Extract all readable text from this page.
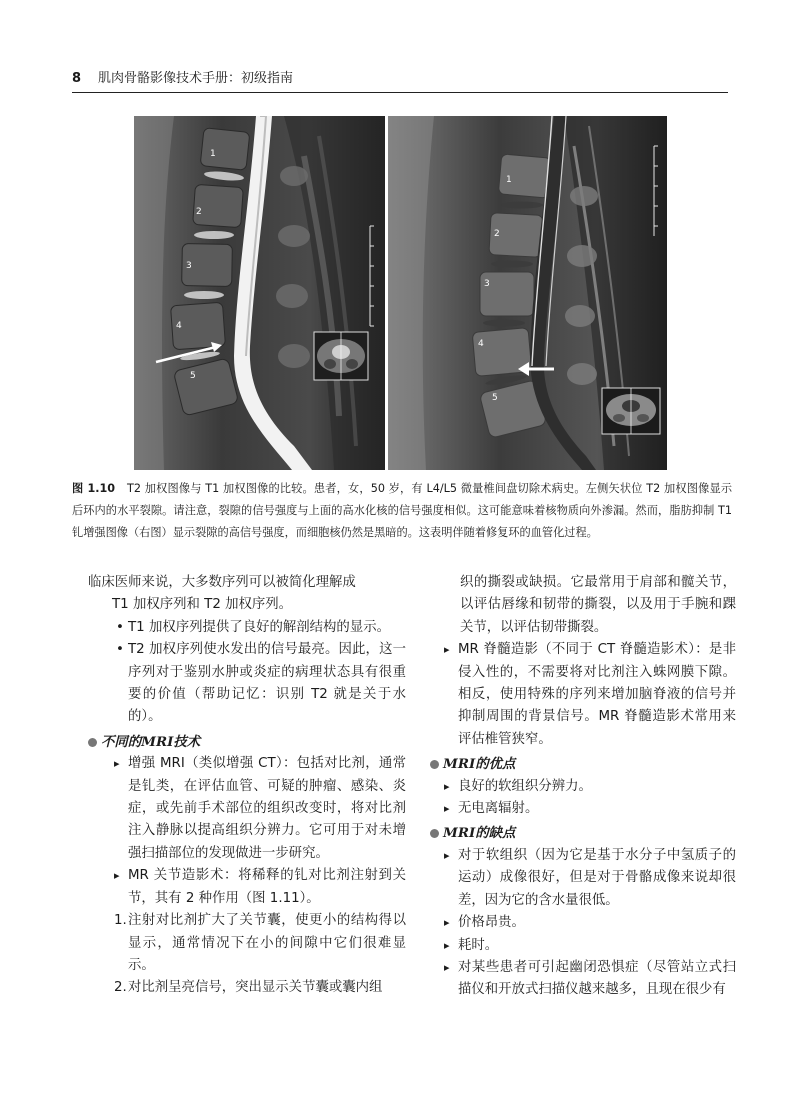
8 肌肉骨骼影像技术手册：初级指南
1
2
3
4
5
1
2
3
4
5
图 1.10 T2 加权图像与 T1 加权图像的比较。患者，女，50 岁，有 L4/L5 微量椎间盘切除术病史。左侧矢状位 T2 加权图像显示后环内的水平裂隙。请注意，裂隙的信号强度与上面的高水化核的信号强度相似。这可能意味着核物质向外渗漏。然而，脂肪抑制 T1 钆增强图像（右图）显示裂隙的高信号强度，而细胞核仍然是黑暗的。这表明伴随着修复环的血管化过程。

临床医师来说，大多数序列可以被简化理解成

T1 加权序列和 T2 加权序列。

• T1 加权序列提供了良好的解剖结构的显示。
• T2 加权序列使水发出的信号最亮。因此，这一序列对于鉴别水肿或炎症的病理状态具有很重要的价值（帮助记忆：识别 T2 就是关于水的）。
不同的MRI技术
▸ 增强 MRI（类似增强 CT）：包括对比剂，通常是钆类，在评估血管、可疑的肿瘤、感染、炎症，或先前手术部位的组织改变时，将对比剂注入静脉以提高组织分辨力。它可用于对未增强扫描部位的发现做进一步研究。
▸ MR 关节造影术：将稀释的钆对比剂注射到关节，其有 2 种作用（图 1.11）。
1. 注射对比剂扩大了关节囊，使更小的结构得以显示，通常情况下在小的间隙中它们很难显示。
2. 对比剂呈亮信号，突出显示关节囊或囊内组

织的撕裂或缺损。它最常用于肩部和髋关节，以评估唇缘和韧带的撕裂，以及用于手腕和踝关节，以评估韧带撕裂。

▸ MR 脊髓造影（不同于 CT 脊髓造影术）：是非侵入性的，不需要将对比剂注入蛛网膜下隙。相反，使用特殊的序列来增加脑脊液的信号并抑制周围的背景信号。MR 脊髓造影术常用来评估椎管狭窄。
MRI的优点
▸ 良好的软组织分辨力。
▸ 无电离辐射。
MRI的缺点
▸ 对于软组织（因为它是基于水分子中氢质子的运动）成像很好，但是对于骨骼成像来说却很差，因为它的含水量很低。
▸ 价格昂贵。
▸ 耗时。
▸ 对某些患者可引起幽闭恐惧症（尽管站立式扫描仪和开放式扫描仪越来越多，且现在很少有
